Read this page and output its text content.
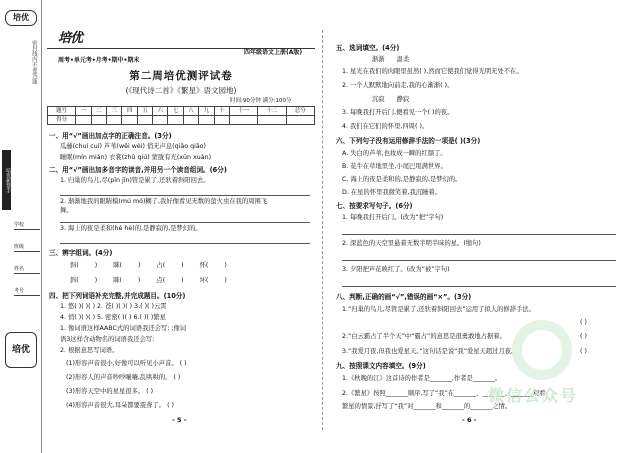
培优
密封线内不要答题
培优新帮手
学校
班级
姓名
考号
培优
培优
周考•单元考•月考•期中•期末
四年级语文上册(A版)
第二周培优测评试卷
(《现代诗二首》《繁星》语文园地)
时间:90分钟 满分:100分
题号	一	二	三	四	五	六	七	八	九	十	十一	十二	总分
得分													
一、用“√”画出加点字的正确注音。(3分)
瓜藤(chuí cuí) 芦苇(wěi wèi) 俏无声息(qiǎo qiāo)
睡眠(mín mián) 衣裳(zhū qiú) 蒙胧有光(xūn xuàn)
二、用“√”画出加多音字的读音,并用另一个读音组词。(6分)
1. 归巢的鸟儿,尽(pīn jǐn)管是累了,还驮着斜阳回去。
2. 渐渐地我的眼睛模(mú mó)糊了,我好像看见无数的萤火虫在我的周围飞
舞。
3. 海上的夜是柔和(hé hè)的,是静寂的,是梦幻的。
三、辨字组词。(4分)
斜( ) 眯( ) 占( ) 怀( )
斜( ) 眯( ) 点( ) 坏( )
四、把下列词语补充完整,并完成题目。(10分)
1. 悠( )( )( ) 2. 苍( )( )( ) 3.( )( )云霄
4. 悄( )( )( ) 5. 密密( )( ) 6.( )( )繁星
1. 像词语这样AABC式的词语我还会写: ;像词
语3这样含动物名的词语我还会写:
2. 根据意思写词语。
(1)形容声音很小,好像可以听见小声音。 ( )
(2)形容人的声音吵吵嚷嚷,乱哄哄的。 ( )
(3)形容天空中的星星很多。 ( )
(4)形容声音很大,耳朵都要震聋了。 ( )
- 5 -
五、选词填空。(4分)
渐渐 温柔
1. 星光在我们的肉眼里虽然( ),然而它使我们觉得光明无处不在。
2. 一个人默默地向前走,我的心渐渐( )。
沉寂 静寂
3. 每晚我打开后门,便看见一个( )的夜。
4. 我们在它们的怀里,四周( )。
六、下列句子没有运用修辞手法的一项是( )(3分)
A. 失白的芦苇,也妆成一瞬的红颜了。
B. 花牛在草地里坐,小尾巴甩满世界。
C. 海上的夜是柔和的,是静寂的,是梦幻的。
D. 在星的怀里我微笑着,我沉睡着。
七、按要求写句子。(6分)
1. 每晚我打开后门。(改为“把”字句)
2. 深蓝色的天空里悬着无数半明半昧的星。(缩句)
3. 夕阳把芦花映红了。(改为“被”字句)
八、判断,正确的画“√”,错误的画“×”。(3分)
1.“归巢的鸟儿,尽管是累了,还驮着斜阳回去”运用了拟人的修辞手法。
( )
2.“白云霸占了半个天”中“霸占”的意思是很勇敢地占据着。	( )
3.“我爱月夜,但我也爱星天。”这句话是说“我”爱星天超过月夜。	( )
九、按照课文内容填空。(9分)
1.《秋晚的江》这首诗的作者是_______,作者是_______。
2.《繁星》按照_______顺序,写了“我”在_______、_______、_______观看
繁星的情景,抒写了“我”对_______和_______的_______之情。
- 6 -
微信公众号
